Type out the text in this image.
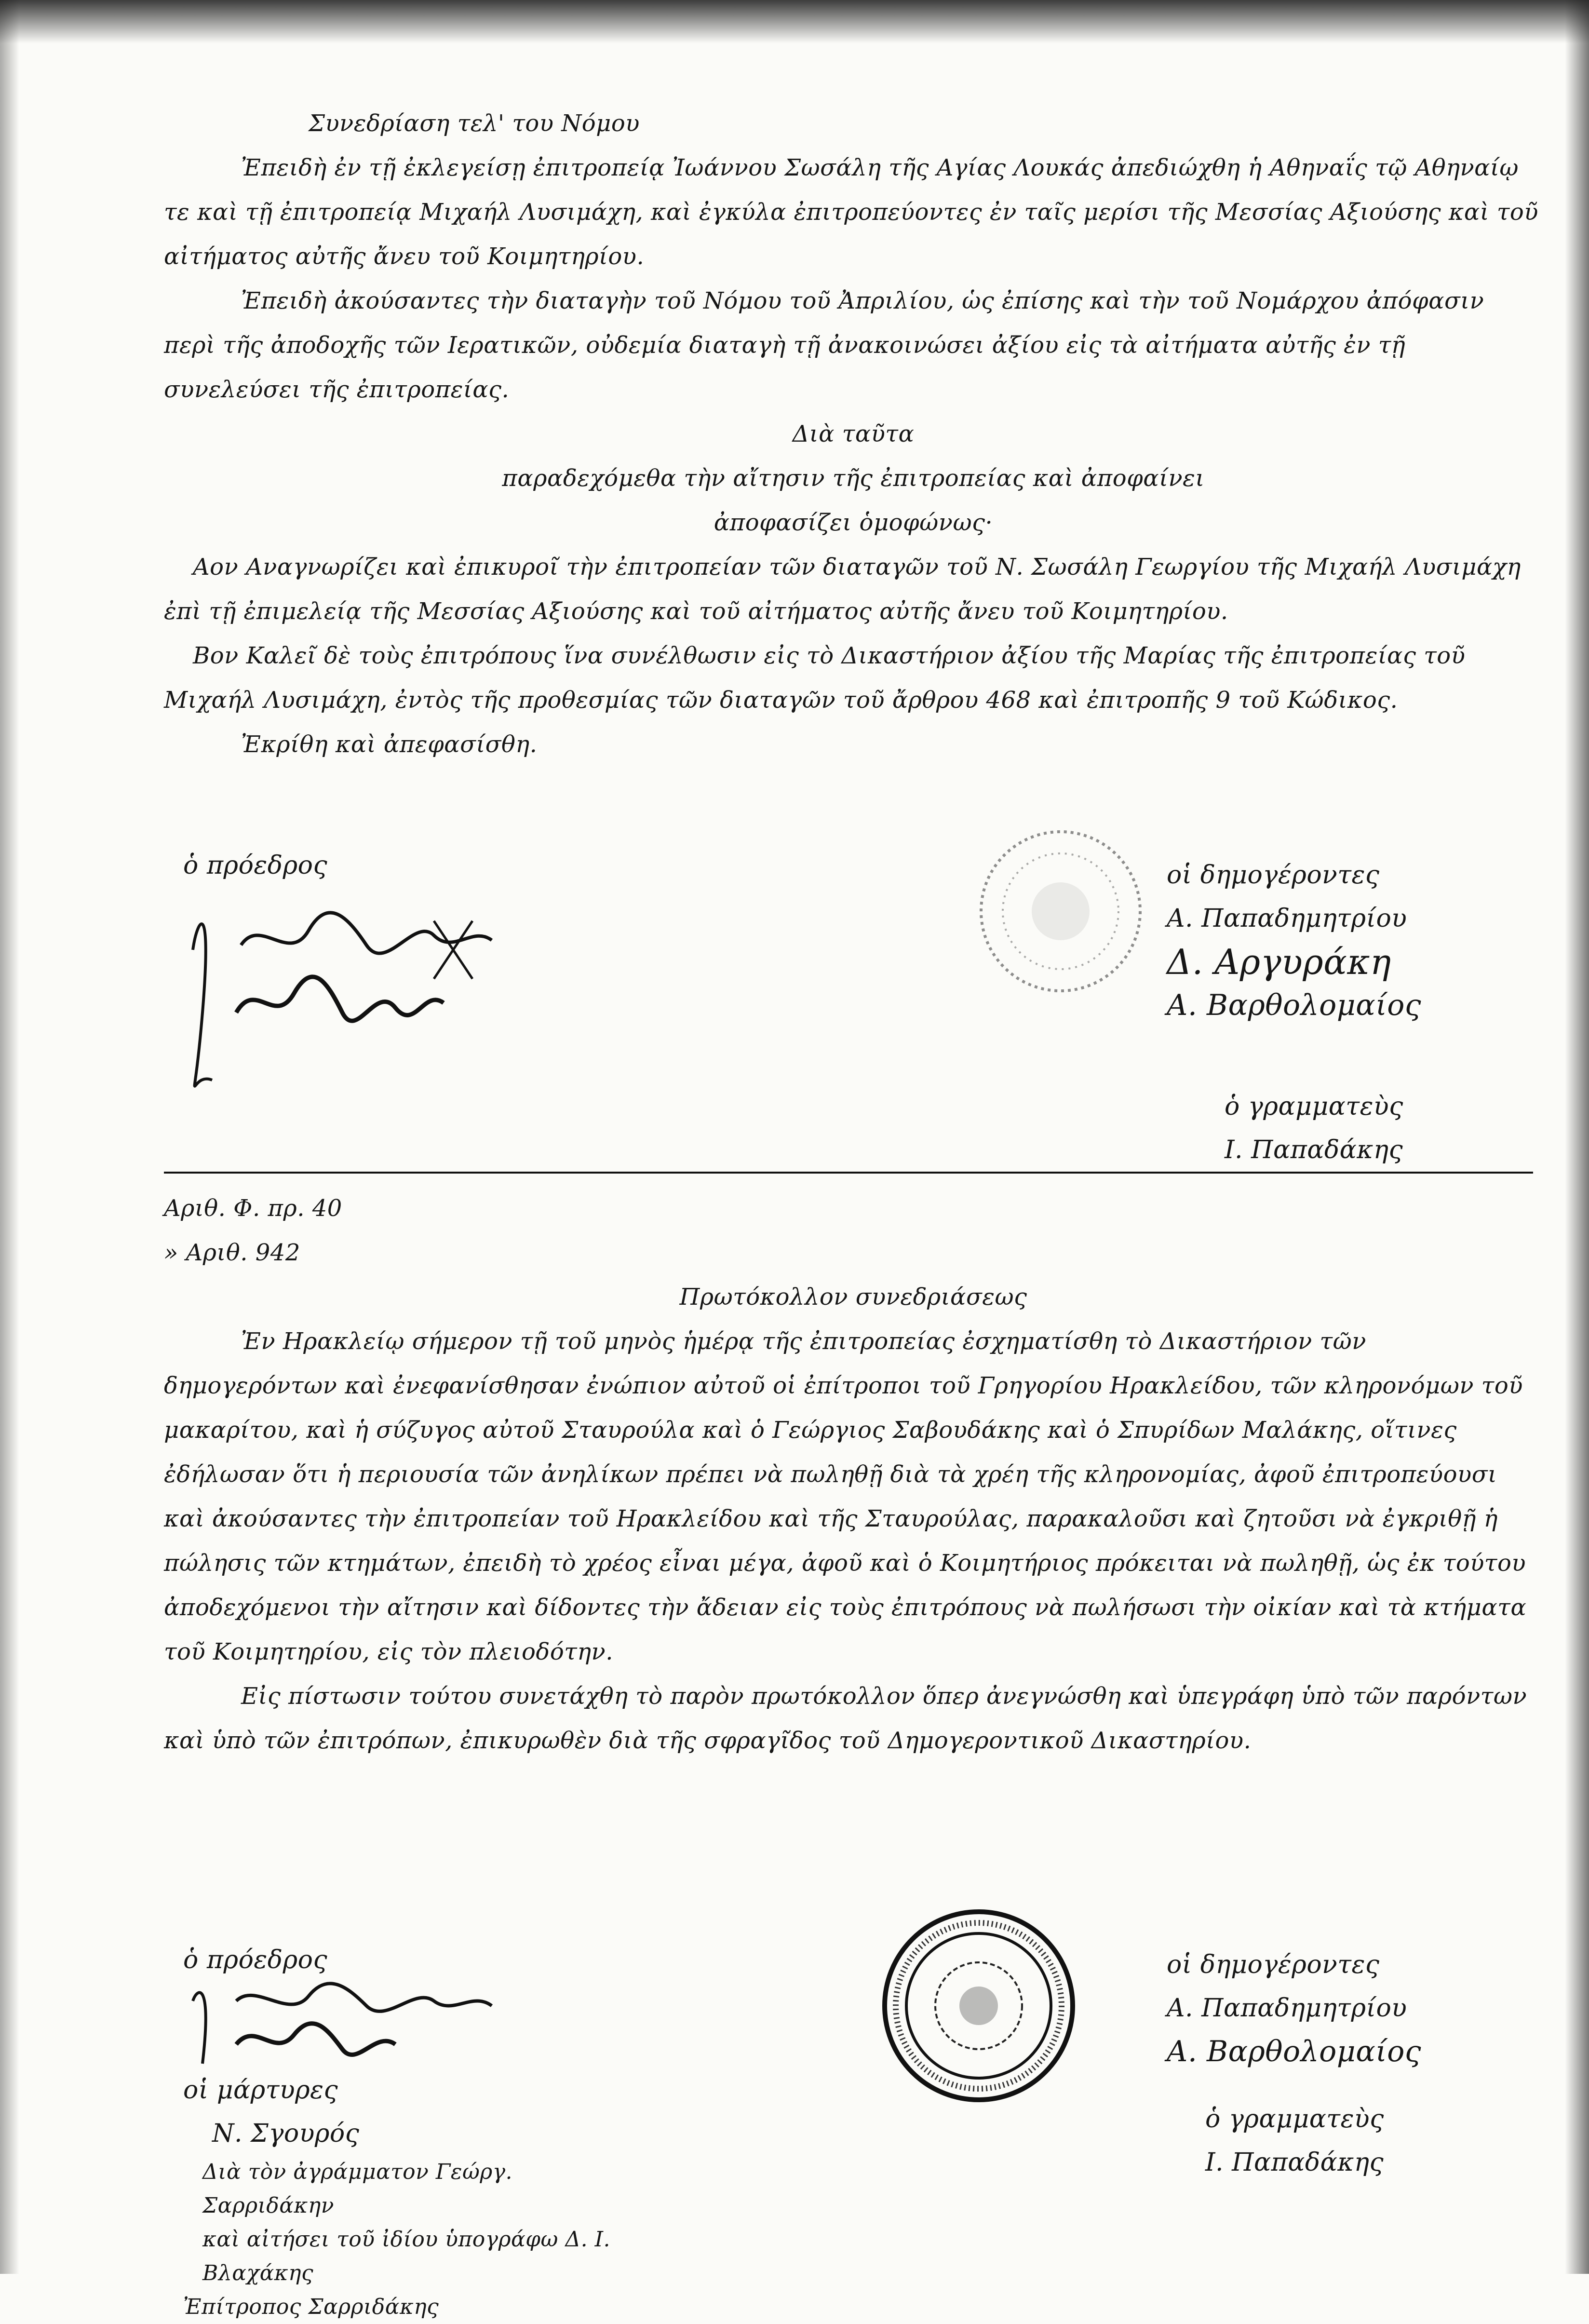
Συνεδρίαση τελ' του Νόμου

Ἐπειδὴ ἐν τῇ ἐκλεγείσῃ ἐπιτροπείᾳ Ἰωάννου Σωσάλη τῆς Αγίας Λουκάς ἀπεδιώχθη ἡ Αθηναΐς τῷ Αθηναίῳ τε καὶ τῇ ἐπιτροπείᾳ Μιχαήλ Λυσιμάχη, καὶ ἐγκύλα ἐπιτροπεύοντες ἐν ταῖς μερίσι τῆς Μεσσίας Αξιούσης καὶ τοῦ αἰτήματος αὐτῆς ἄνευ τοῦ Κοιμητηρίου.

Ἐπειδὴ ἀκούσαντες τὴν διαταγὴν τοῦ Νόμου τοῦ Ἀπριλίου, ὡς ἐπίσης καὶ τὴν τοῦ Νομάρχου ἀπόφασιν περὶ τῆς ἀποδοχῆς τῶν Ιερατικῶν, οὐδεμία διαταγὴ τῇ ἀνακοινώσει ἀξίου εἰς τὰ αἰτήματα αὐτῆς ἐν τῇ συνελεύσει τῆς ἐπιτροπείας.

Διὰ ταῦτα
παραδεχόμεθα τὴν αἴτησιν τῆς ἐπιτροπείας καὶ ἀποφαίνει
ἀποφασίζει ὁμοφώνως·

Αον Αναγνωρίζει καὶ ἐπικυροῖ τὴν ἐπιτροπείαν τῶν διαταγῶν τοῦ Ν. Σωσάλη Γεωργίου τῆς Μιχαήλ Λυσιμάχη ἐπὶ τῇ ἐπιμελείᾳ τῆς Μεσσίας Αξιούσης καὶ τοῦ αἰτήματος αὐτῆς ἄνευ τοῦ Κοιμητηρίου.

Βον Καλεῖ δὲ τοὺς ἐπιτρόπους ἵνα συνέλθωσιν εἰς τὸ Δικαστήριον ἀξίου τῆς Μαρίας τῆς ἐπιτροπείας τοῦ Μιχαήλ Λυσιμάχη, ἐντὸς τῆς προθεσμίας τῶν διαταγῶν τοῦ ἄρθρου 468 καὶ ἐπιτροπῆς 9 τοῦ Κώδικος.

Ἐκρίθη καὶ ἀπεφασίσθη.
ὁ πρόεδρος	οἱ δημογέροντες
Α. Παπαδημητρίου
Δ. Αργυράκη
Α. Βαρθολομαίος
ὁ γραμματεὺς
Ι. Παπαδάκης
Αριθ. Φ. πρ. 40
» Αριθ. 942
Πρωτόκολλον συνεδριάσεως

Ἐν Ηρακλείῳ σήμερον τῇ τοῦ μηνὸς ἡμέρᾳ τῆς ἐπιτροπείας ἐσχηματίσθη τὸ Δικαστήριον τῶν δημογερόντων καὶ ἐνεφανίσθησαν ἐνώπιον αὐτοῦ οἱ ἐπίτροποι τοῦ Γρηγορίου Ηρακλείδου, τῶν κληρονόμων τοῦ μακαρίτου, καὶ ἡ σύζυγος αὐτοῦ Σταυρούλα καὶ ὁ Γεώργιος Σαβουδάκης καὶ ὁ Σπυρίδων Μαλάκης, οἵτινες ἐδήλωσαν ὅτι ἡ περιουσία τῶν ἀνηλίκων πρέπει νὰ πωληθῇ διὰ τὰ χρέη τῆς κληρονομίας, ἀφοῦ ἐπιτροπεύουσι καὶ ἀκούσαντες τὴν ἐπιτροπείαν τοῦ Ηρακλείδου καὶ τῆς Σταυρούλας, παρακαλοῦσι καὶ ζητοῦσι νὰ ἐγκριθῇ ἡ πώλησις τῶν κτημάτων, ἐπειδὴ τὸ χρέος εἶναι μέγα, ἀφοῦ καὶ ὁ Κοιμητήριος πρόκειται νὰ πωληθῇ, ὡς ἐκ τούτου ἀποδεχόμενοι τὴν αἴτησιν καὶ δίδοντες τὴν ἄδειαν εἰς τοὺς ἐπιτρόπους νὰ πωλήσωσι τὴν οἰκίαν καὶ τὰ κτήματα τοῦ Κοιμητηρίου, εἰς τὸν πλειοδότην.

Εἰς πίστωσιν τούτου συνετάχθη τὸ παρὸν πρωτόκολλον ὅπερ ἀνεγνώσθη καὶ ὑπεγράφη ὑπὸ τῶν παρόντων καὶ ὑπὸ τῶν ἐπιτρόπων, ἐπικυρωθὲν διὰ τῆς σφραγῖδος τοῦ Δημογεροντικοῦ Δικαστηρίου.

ὁ πρόεδρος
οἱ μάρτυρες
Ν. Σγουρός
Διὰ τὸν ἀγράμματον Γεώργ. Σαρριδάκην
καὶ αἰτήσει τοῦ ἰδίου ὑπογράφω Δ. Ι. Βλαχάκης
Ἐπίτροπος Σαρριδάκης
οἱ δημογέροντες
Α. Παπαδημητρίου
Α. Βαρθολομαίος
ὁ γραμματεὺς
Ι. Παπαδάκης
